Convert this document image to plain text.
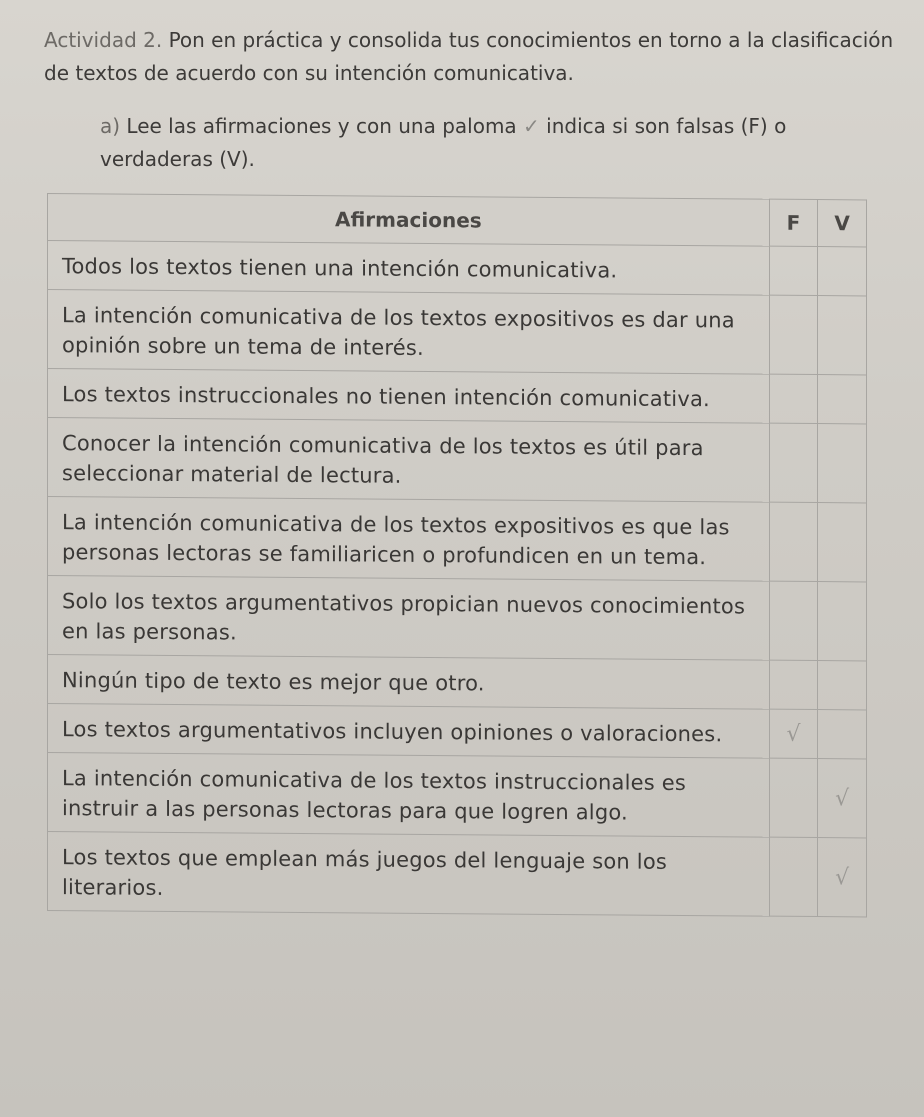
Actividad 2. Pon en práctica y consolida tus conocimientos en torno a la clasificación de textos de acuerdo con su intención comunicativa.
a) Lee las afirmaciones y con una paloma ✓ indica si son falsas (F) o verdaderas (V).
Afirmaciones	F	V
Todos los textos tienen una intención comunicativa.		
La intención comunicativa de los textos expositivos es dar una opinión sobre un tema de interés.		
Los textos instruccionales no tienen intención comunicativa.		
Conocer la intención comunicativa de los textos es útil para seleccionar material de lectura.		
La intención comunicativa de los textos expositivos es que las personas lectoras se familiaricen o profundicen en un tema.		
Solo los textos argumentativos propician nuevos conocimientos en las personas.		
Ningún tipo de texto es mejor que otro.		
Los textos argumentativos incluyen opiniones o valoraciones.	√	
La intención comunicativa de los textos instruccionales es instruir a las personas lectoras para que logren algo.		√
Los textos que emplean más juegos del lenguaje son los literarios.		√
